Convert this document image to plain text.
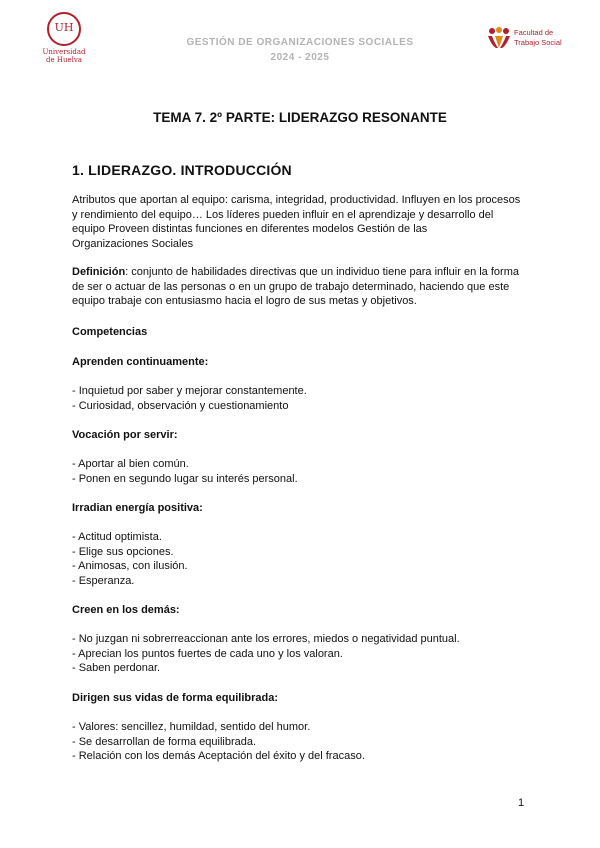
UH
Universidad
de Huelva
GESTIÓN DE ORGANIZACIONES SOCIALES
2024 - 2025
Facultad de
Trabajo Social
TEMA 7. 2º PARTE: LIDERAZGO RESONANTE
1. LIDERAZGO. INTRODUCCIÓN
Atributos que aportan al equipo: carisma, integridad, productividad. Influyen en los procesos
y rendimiento del equipo… Los líderes pueden influir en el aprendizaje y desarrollo del
equipo Proveen distintas funciones en diferentes modelos Gestión de las
Organizaciones Sociales
Definición: conjunto de habilidades directivas que un individuo tiene para influir en la forma
de ser o actuar de las personas o en un grupo de trabajo determinado, haciendo que este
equipo trabaje con entusiasmo hacia el logro de sus metas y objetivos.
Competencias
Aprenden continuamente:
- Inquietud por saber y mejorar constantemente.
- Curiosidad, observación y cuestionamiento
Vocación por servir:
- Aportar al bien común.
- Ponen en segundo lugar su interés personal.
Irradian energía positiva:
- Actitud optimista.
- Elige sus opciones.
- Animosas, con ilusión.
- Esperanza.
Creen en los demás:
- No juzgan ni sobrerreaccionan ante los errores, miedos o negatividad puntual.
- Aprecian los puntos fuertes de cada uno y los valoran.
- Saben perdonar.
Dirigen sus vidas de forma equilibrada:
- Valores: sencillez, humildad, sentido del humor.
- Se desarrollan de forma equilibrada.
- Relación con los demás Aceptación del éxito y del fracaso.
1
